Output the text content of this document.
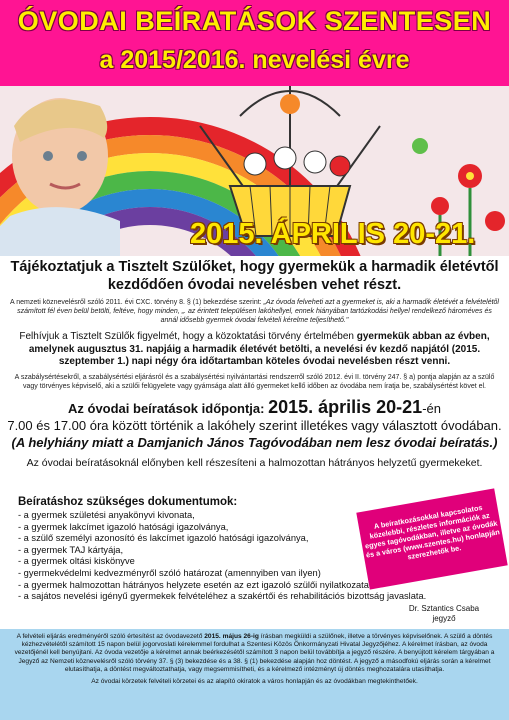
ÓVODAI BEÍRATÁSOK SZENTESEN
a 2015/2016. nevelési évre
2015. ÁPRILIS 20-21.
Tájékoztatjuk a Tisztelt Szülőket, hogy gyermekük a harmadik életévtől kezdődően óvodai nevelésben vehet részt.
A nemzeti köznevelésről szóló 2011. évi CXC. törvény 8. § (1) bekezdése szerint: „Az óvoda felveheti azt a gyermeket is, aki a harmadik életévét a felvételétől számított fél éven belül betölti, feltéve, hogy minden, „. az érintett településen lakóhellyel, ennek hiányában tartózkodási hellyel rendelkező hároméves és annál idősebb gyermek óvodai felvételi kérelme teljesíthető."
Felhívjuk a Tisztelt Szülők figyelmét, hogy a közoktatási törvény értelmében gyermekük abban az évben, amelynek augusztus 31. napjáig a harmadik életévét betölti, a nevelési év kezdő napjától (2015. szeptember 1.) napi négy óra időtartamban köteles óvodai nevelésben részt venni.
A szabálysértésekről, a szabálysértési eljárásról és a szabálysértési nyilvántartási rendszerről szóló 2012. évi II. törvény 247. § a) pontja alapján az a szülő vagy törvényes képviselő, aki a szülői felügyelete vagy gyámsága alatt álló gyermeket kellő időben az óvodába nem íratja be, szabálysértést követ el.
Az óvodai beíratások időpontja: 2015. április 20-21-én
7.00 és 17.00 óra között történik a lakóhely szerint illetékes vagy választott óvodában.
(A helyhiány miatt a Damjanich János Tagóvodában nem lesz óvodai beíratás.)
Az óvodai beíratásoknál előnyben kell részesíteni a halmozottan hátrányos helyzetű gyermekeket.
Beíratáshoz szükséges dokumentumok:
- a gyermek születési anyakönyvi kivonata,
- a gyermek lakcímet igazoló hatósági igazolványa,
- a szülő személyi azonosító és lakcímet igazoló hatósági igazolványa,
- a gyermek TAJ kártyája,
- a gyermek oltási kiskönyve
- gyermekvédelmi kedvezményről szóló határozat (amennyiben van ilyen)
- a gyermek halmozottan hátrányos helyzete esetén az ezt igazoló szülői nyilatkozata
- a sajátos nevelési igényű gyermekek felvételéhez a szakértői és rehabilitációs bizottság javaslata.
A beíratkozásokkal kapcsolatos közelebbi, részletes információk az egyes tagóvodákban, illetve az óvodák és a város (www.szentes.hu) honlapján szerezhetők be.
Dr. Sztantics Csaba
jegyző

A felvételi eljárás eredményéről szóló értesítést az óvodavezető 2015. május 26-ig írásban megküldi a szülőnek, illetve a törvényes képviselőnek. A szülő a döntés kézhezvételétől számított 15 napon belül jogorvoslati kérelemmel fordulhat a Szentesi Közös Önkormányzati Hivatal Jegyzőjéhez. A kérelmet írásban, az óvoda vezetőjénél kell benyújtani. Az óvoda vezetője a kérelmet annak beérkezésétől számított 3 napon belül továbbítja a jegyző részére. A benyújtott kérelem tárgyában a Jegyző az Nemzeti köznevelésről szóló törvény 37. § (3) bekezdése és a 38. § (1) bekezdése alapján hoz döntést. A jegyző a másodfokú eljárás során a kérelmet elutasíthatja, a döntést megváltoztathatja, vagy megsemmisítheti, és a kérelmező intézményt új döntés meghozatalára utasíthatja.

Az óvodai körzetek felvételi körzetei és az alapító okiratok a város honlapján és az óvodákban megtekinthetőek.
